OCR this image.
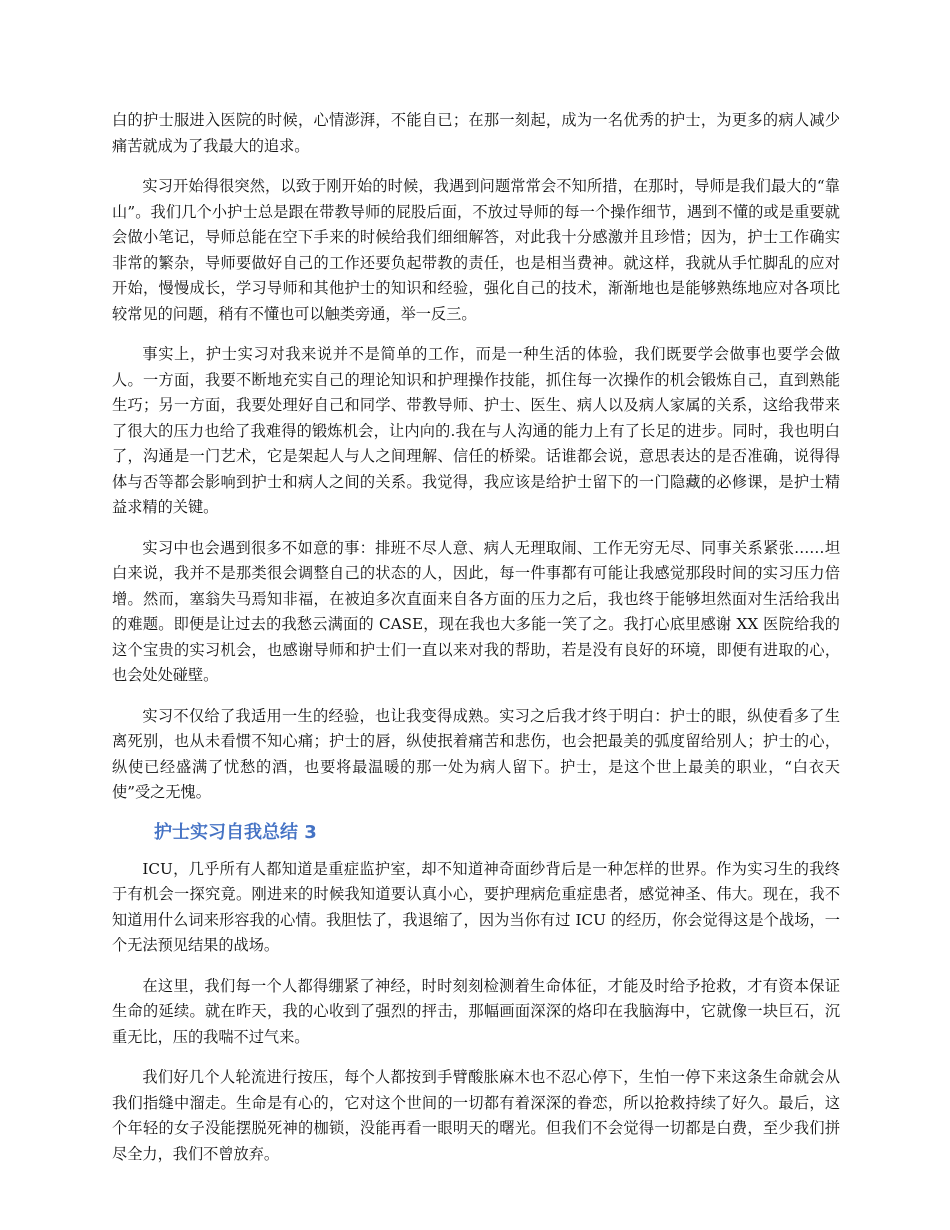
白的护士服进入医院的时候，心情澎湃，不能自已；在那一刻起，成为一名优秀的护士，为更多的病人减少痛苦就成为了我最大的追求。

实习开始得很突然，以致于刚开始的时候，我遇到问题常常会不知所措，在那时，导师是我们最大的“靠山”。我们几个小护士总是跟在带教导师的屁股后面，不放过导师的每一个操作细节，遇到不懂的或是重要就会做小笔记，导师总能在空下手来的时候给我们细细解答，对此我十分感激并且珍惜；因为，护士工作确实非常的繁杂，导师要做好自己的工作还要负起带教的责任，也是相当费神。就这样，我就从手忙脚乱的应对开始，慢慢成长，学习导师和其他护士的知识和经验，强化自己的技术，渐渐地也是能够熟练地应对各项比较常见的问题，稍有不懂也可以触类旁通，举一反三。

事实上，护士实习对我来说并不是简单的工作，而是一种生活的体验，我们既要学会做事也要学会做人。一方面，我要不断地充实自己的理论知识和护理操作技能，抓住每一次操作的机会锻炼自己，直到熟能生巧；另一方面，我要处理好自己和同学、带教导师、护士、医生、病人以及病人家属的关系，这给我带来了很大的压力也给了我难得的锻炼机会，让内向的.我在与人沟通的能力上有了长足的进步。同时，我也明白了，沟通是一门艺术，它是架起人与人之间理解、信任的桥梁。话谁都会说，意思表达的是否准确，说得得体与否等都会影响到护士和病人之间的关系。我觉得，我应该是给护士留下的一门隐藏的必修课，是护士精益求精的关键。

实习中也会遇到很多不如意的事：排班不尽人意、病人无理取闹、工作无穷无尽、同事关系紧张……坦白来说，我并不是那类很会调整自己的状态的人，因此，每一件事都有可能让我感觉那段时间的实习压力倍增。然而，塞翁失马焉知非福，在被迫多次直面来自各方面的压力之后，我也终于能够坦然面对生活给我出的难题。即便是让过去的我愁云满面的 CASE，现在我也大多能一笑了之。我打心底里感谢 XX 医院给我的这个宝贵的实习机会，也感谢导师和护士们一直以来对我的帮助，若是没有良好的环境，即便有进取的心，也会处处碰壁。

实习不仅给了我适用一生的经验，也让我变得成熟。实习之后我才终于明白：护士的眼，纵使看多了生离死别，也从未看惯不知心痛；护士的唇，纵使抿着痛苦和悲伤，也会把最美的弧度留给别人；护士的心，纵使已经盛满了忧愁的酒，也要将最温暖的那一处为病人留下。护士，是这个世上最美的职业，“白衣天使”受之无愧。

护士实习自我总结 3

ICU，几乎所有人都知道是重症监护室，却不知道神奇面纱背后是一种怎样的世界。作为实习生的我终于有机会一探究竟。刚进来的时候我知道要认真小心，要护理病危重症患者，感觉神圣、伟大。现在，我不知道用什么词来形容我的心情。我胆怯了，我退缩了，因为当你有过 ICU 的经历，你会觉得这是个战场，一个无法预见结果的战场。

在这里，我们每一个人都得绷紧了神经，时时刻刻检测着生命体征，才能及时给予抢救，才有资本保证生命的延续。就在昨天，我的心收到了强烈的抨击，那幅画面深深的烙印在我脑海中，它就像一块巨石，沉重无比，压的我喘不过气来。

我们好几个人轮流进行按压，每个人都按到手臂酸胀麻木也不忍心停下，生怕一停下来这条生命就会从我们指缝中溜走。生命是有心的，它对这个世间的一切都有着深深的眷恋，所以抢救持续了好久。最后，这个年轻的女子没能摆脱死神的枷锁，没能再看一眼明天的曙光。但我们不会觉得一切都是白费，至少我们拼尽全力，我们不曾放弃。
